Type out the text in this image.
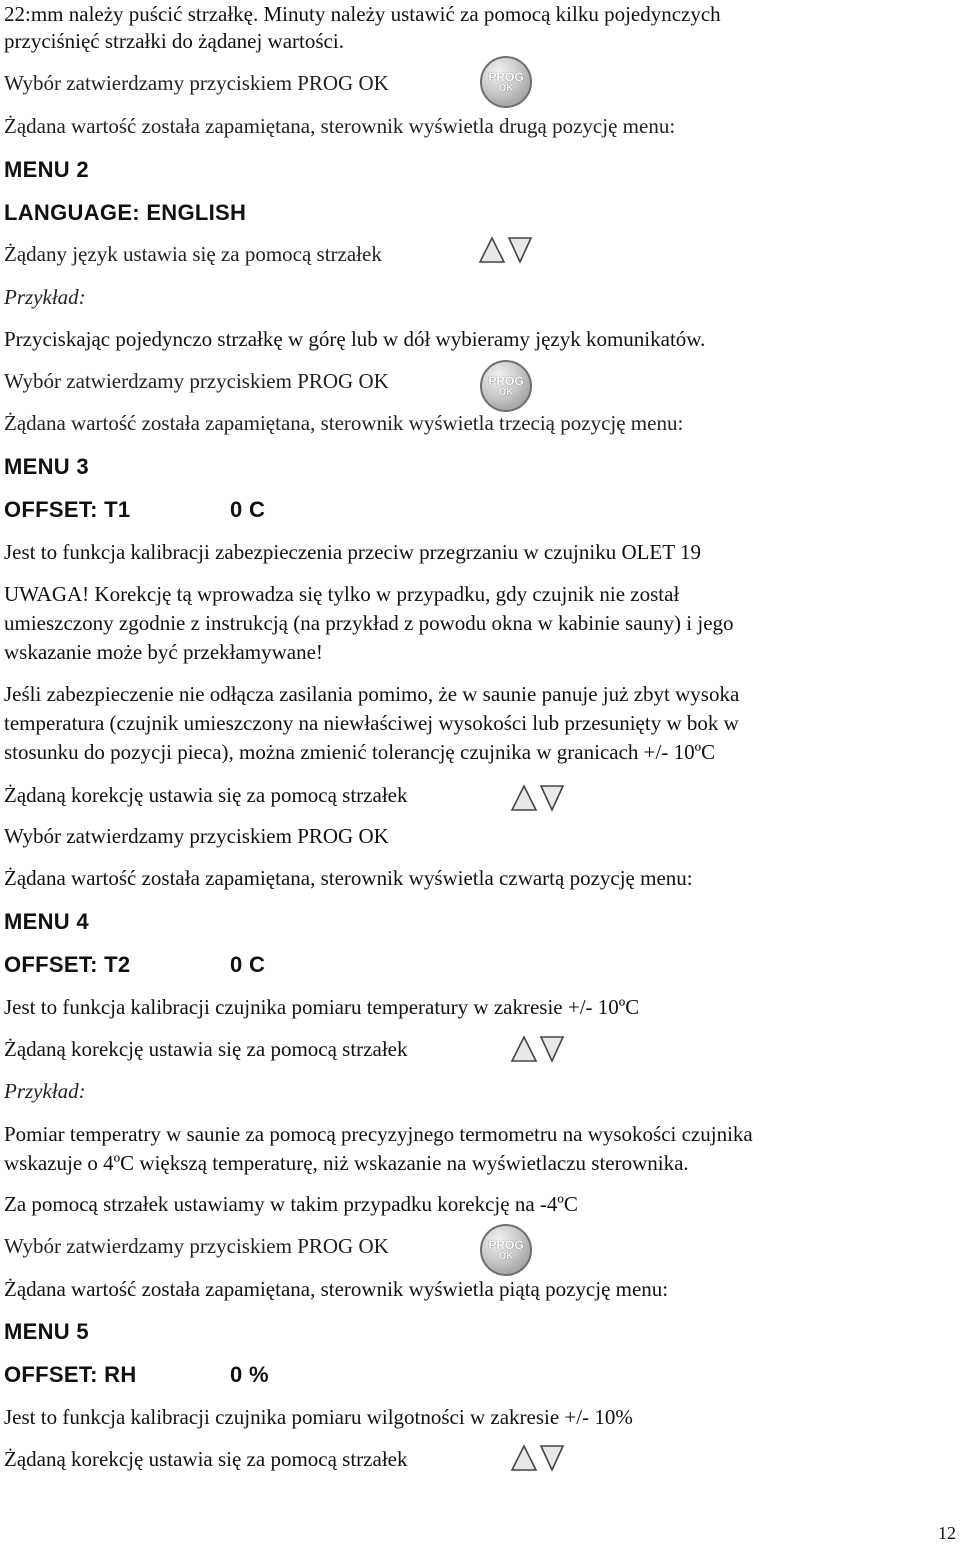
22:mm należy puścić strzałkę. Minuty należy ustawić za pomocą kilku pojedynczych

przyciśnięć strzałki do żądanej wartości.

Wybór zatwierdzamy przyciskiem PROG OK	PROG
OK

Żądana wartość została zapamiętana, sterownik wyświetla drugą pozycję menu:

MENU 2

LANGUAGE: ENGLISH

Żądany język ustawia się za pomocą strzałek

Przykład:

Przyciskając pojedynczo strzałkę w górę lub w dół wybieramy język komunikatów.

Wybór zatwierdzamy przyciskiem PROG OK	PROG
OK

Żądana wartość została zapamiętana, sterownik wyświetla trzecią pozycję menu:

MENU 3

OFFSET: T1	0 C

Jest to funkcja kalibracji zabezpieczenia przeciw przegrzaniu w czujniku OLET 19

UWAGA! Korekcję tą wprowadza się tylko w przypadku, gdy czujnik nie został

umieszczony zgodnie z instrukcją (na przykład z powodu okna w kabinie sauny) i jego

wskazanie może być przekłamywane!

Jeśli zabezpieczenie nie odłącza zasilania pomimo, że w saunie panuje już zbyt wysoka

temperatura (czujnik umieszczony na niewłaściwej wysokości lub przesunięty w bok w

stosunku do pozycji pieca), można zmienić tolerancję czujnika w granicach +/- 10ºC

Żądaną korekcję ustawia się za pomocą strzałek

Wybór zatwierdzamy przyciskiem PROG OK

Żądana wartość została zapamiętana, sterownik wyświetla czwartą pozycję menu:

MENU 4

OFFSET: T2	0 C

Jest to funkcja kalibracji czujnika pomiaru temperatury w zakresie +/- 10ºC

Żądaną korekcję ustawia się za pomocą strzałek

Przykład:

Pomiar temperatry w saunie za pomocą precyzyjnego termometru na wysokości czujnika

wskazuje o 4ºC większą temperaturę, niż wskazanie na wyświetlaczu sterownika.

Za pomocą strzałek ustawiamy w takim przypadku korekcję na -4ºC

Wybór zatwierdzamy przyciskiem PROG OK	PROG
OK

Żądana wartość została zapamiętana, sterownik wyświetla piątą pozycję menu:

MENU 5

OFFSET: RH	0 %

Jest to funkcja kalibracji czujnika pomiaru wilgotności w zakresie +/- 10%

Żądaną korekcję ustawia się za pomocą strzałek

12
